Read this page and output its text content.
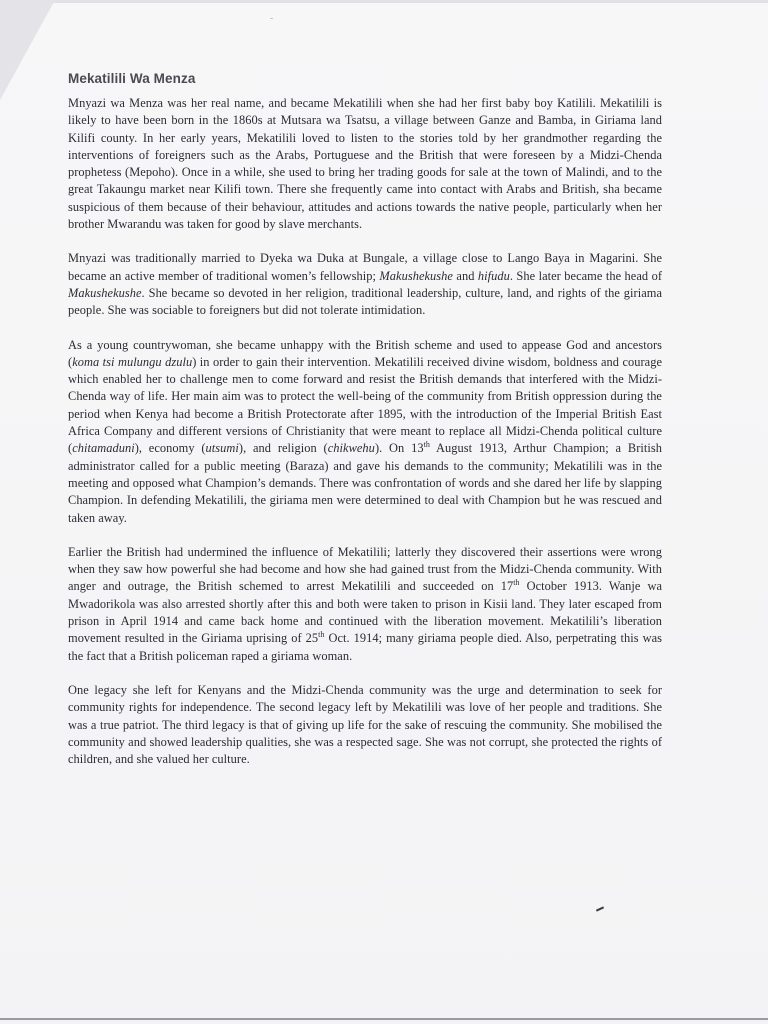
Mekatilili Wa Menza

Mnyazi wa Menza was her real name, and became Mekatilili when she had her first baby boy Katilili. Mekatilili is likely to have been born in the 1860s at Mutsara wa Tsatsu, a village between Ganze and Bamba, in Giriama land Kilifi county. In her early years, Mekatilili loved to listen to the stories told by her grandmother regarding the interventions of foreigners such as the Arabs, Portuguese and the British that were foreseen by a Midzi-Chenda prophetess (Mepoho). Once in a while, she used to bring her trading goods for sale at the town of Malindi, and to the great Takaungu market near Kilifi town. There she frequently came into contact with Arabs and British, sha became suspicious of them because of their behaviour, attitudes and actions towards the native people, particularly when her brother Mwarandu was taken for good by slave merchants.

Mnyazi was traditionally married to Dyeka wa Duka at Bungale, a village close to Lango Baya in Magarini. She became an active member of traditional women’s fellowship; Makushekushe and hifudu. She later became the head of Makushekushe. She became so devoted in her religion, traditional leadership, culture, land, and rights of the giriama people. She was sociable to foreigners but did not tolerate intimidation.

As a young countrywoman, she became unhappy with the British scheme and used to appease God and ancestors (koma tsi mulungu dzulu) in order to gain their intervention. Mekatilili received divine wisdom, boldness and courage which enabled her to challenge men to come forward and resist the British demands that interfered with the Midzi-Chenda way of life. Her main aim was to protect the well-being of the community from British oppression during the period when Kenya had become a British Protectorate after 1895, with the introduction of the Imperial British East Africa Company and different versions of Christianity that were meant to replace all Midzi-Chenda political culture (chitamaduni), economy (utsumi), and religion (chikwehu). On 13th August 1913, Arthur Champion; a British administrator called for a public meeting (Baraza) and gave his demands to the community; Mekatilili was in the meeting and opposed what Champion’s demands. There was confrontation of words and she dared her life by slapping Champion. In defending Mekatilili, the giriama men were determined to deal with Champion but he was rescued and taken away.

Earlier the British had undermined the influence of Mekatilili; latterly they discovered their assertions were wrong when they saw how powerful she had become and how she had gained trust from the Midzi-Chenda community. With anger and outrage, the British schemed to arrest Mekatilili and succeeded on 17th October 1913. Wanje wa Mwadorikola was also arrested shortly after this and both were taken to prison in Kisii land. They later escaped from prison in April 1914 and came back home and continued with the liberation movement. Mekatilili’s liberation movement resulted in the Giriama uprising of 25th Oct. 1914; many giriama people died. Also, perpetrating this was the fact that a British policeman raped a giriama woman.

One legacy she left for Kenyans and the Midzi-Chenda community was the urge and determination to seek for community rights for independence. The second legacy left by Mekatilili was love of her people and traditions. She was a true patriot. The third legacy is that of giving up life for the sake of rescuing the community. She mobilised the community and showed leadership qualities, she was a respected sage. She was not corrupt, she protected the rights of children, and she valued her culture.
